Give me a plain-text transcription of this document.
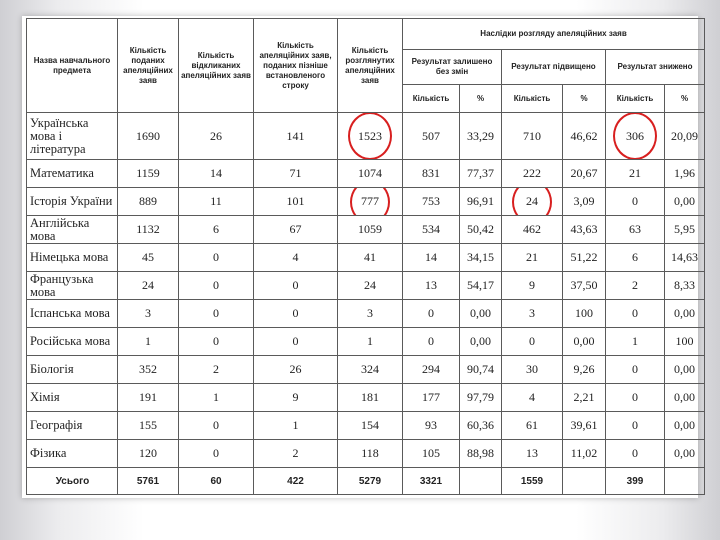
Назва навчального предмета	Кількість поданих апеляційних заяв	Кількість відкликаних апеляційних заяв	Кількість апеляційних заяв, поданих пізніше встановленого строку	Кількість розглянутих апеляційних заяв	Наслідки розгляду апеляційних заяв					
					Результат залишено без змін		Результат підвищено		Результат знижено	
					Кількість	%	Кількість	%	Кількість	%
Українська мова і література	1690	26	141	1523	507	33,29	710	46,62	306	20,09
Математика	1159	14	71	1074	831	77,37	222	20,67	21	1,96
Історія України	889	11	101	777	753	96,91	24	3,09	0	0,00
Англійська мова	1132	6	67	1059	534	50,42	462	43,63	63	5,95
Німецька мова	45	0	4	41	14	34,15	21	51,22	6	14,63
Французька мова	24	0	0	24	13	54,17	9	37,50	2	8,33
Іспанська мова	3	0	0	3	0	0,00	3	100	0	0,00
Російська мова	1	0	0	1	0	0,00	0	0,00	1	100
Біологія	352	2	26	324	294	90,74	30	9,26	0	0,00
Хімія	191	1	9	181	177	97,79	4	2,21	0	0,00
Географія	155	0	1	154	93	60,36	61	39,61	0	0,00
Фізика	120	0	2	118	105	88,98	13	11,02	0	0,00
Усього	5761	60	422	5279	3321		1559		399	
